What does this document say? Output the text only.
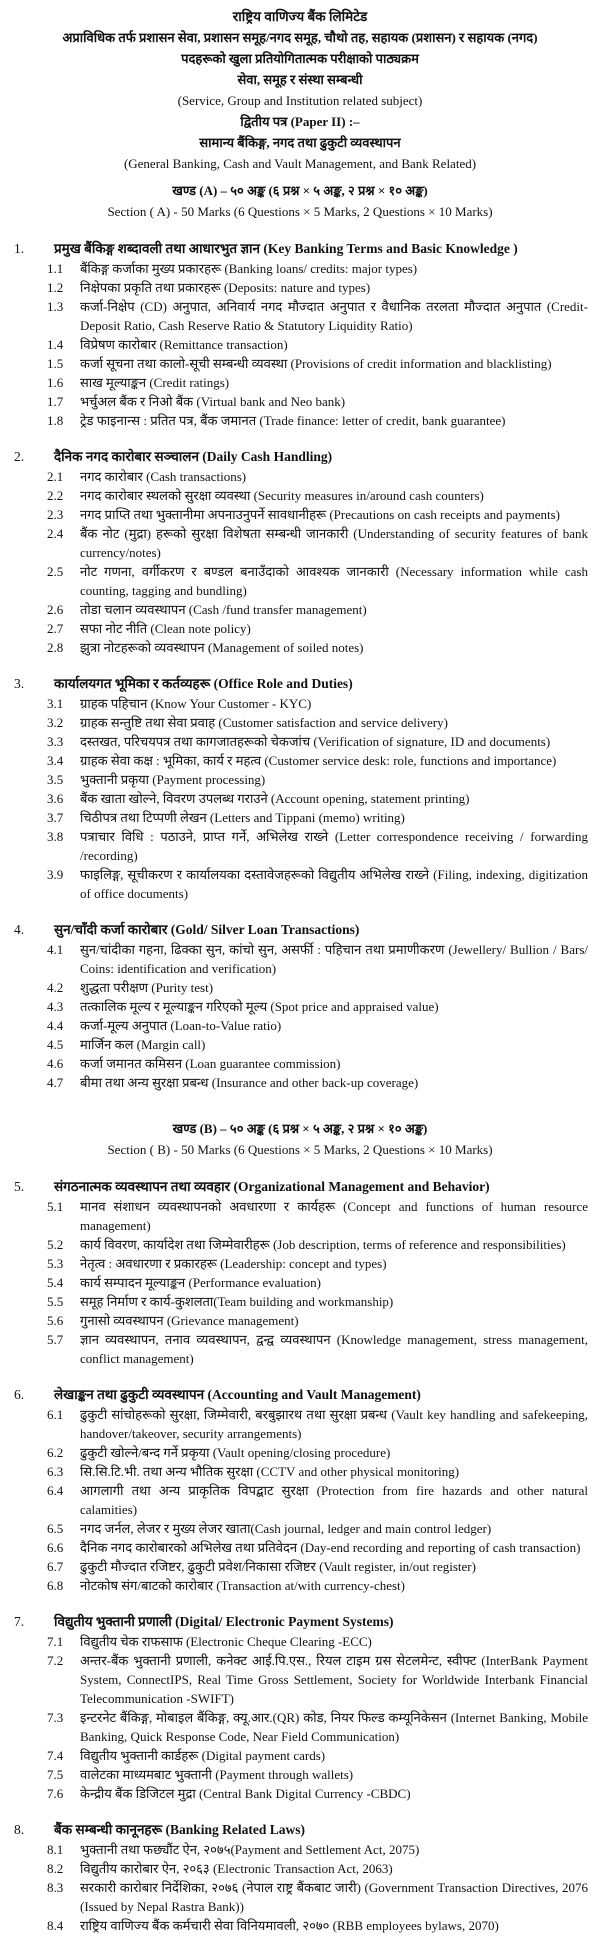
राष्ट्रिय वाणिज्य बैंक लिमिटेड
अप्राविधिक तर्फ प्रशासन सेवा, प्रशासन समूह/नगद समूह, चौथो तह, सहायक (प्रशासन) र सहायक (नगद)
पदहरूको खुला प्रतियोगितात्मक परीक्षाको पाठ्यक्रम
सेवा, समूह र संस्था सम्बन्धी
(Service, Group and Institution related subject)
द्वितीय पत्र (Paper II) :–
सामान्य बैंकिङ्ग, नगद तथा ढुकुटी व्यवस्थापन
(General Banking, Cash and Vault Management, and Bank Related)
खण्ड (A) – ५० अङ्क (६ प्रश्न × ५ अङ्क, २ प्रश्न × १० अङ्क)
Section ( A) - 50 Marks (6 Questions × 5 Marks, 2 Questions × 10 Marks)
1. प्रमुख बैंकिङ्ग शब्दावली तथा आधारभुत ज्ञान (Key Banking Terms and Basic Knowledge )
1.1 बैंकिङ्ग कर्जाका मुख्य प्रकारहरू (Banking loans/ credits: major types)
1.2 निक्षेपका प्रकृति तथा प्रकारहरू (Deposits: nature and types)
1.3 कर्जा-निक्षेप (CD) अनुपात, अनिवार्य नगद मौज्दात अनुपात र वैधानिक तरलता मौज्दात अनुपात (Credit-Deposit Ratio, Cash Reserve Ratio & Statutory Liquidity Ratio)
1.4 विप्रेषण कारोबार (Remittance transaction)
1.5 कर्जा सूचना तथा कालो-सूची सम्बन्धी व्यवस्था (Provisions of credit information and blacklisting)
1.6 साख मूल्याङ्कन (Credit ratings)
1.7 भर्चुअल बैंक र निओ बैंक (Virtual bank and Neo bank)
1.8 ट्रेड फाइनान्स : प्रतित पत्र, बैंक जमानत (Trade finance: letter of credit, bank guarantee)
2. दैनिक नगद कारोबार सञ्चालन (Daily Cash Handling)
2.1 नगद कारोबार (Cash transactions)
2.2 नगद कारोबार स्थलको सुरक्षा व्यवस्था (Security measures in/around cash counters)
2.3 नगद प्राप्ति तथा भुक्तानीमा अपनाउनुपर्ने सावधानीहरू (Precautions on cash receipts and payments)
2.4 बैंक नोट (मुद्रा) हरूको सुरक्षा विशेषता सम्बन्धी जानकारी (Understanding of security features of bank currency/notes)
2.5 नोट गणना, वर्गीकरण र बण्डल बनाउँदाको आवश्यक जानकारी (Necessary information while cash counting, tagging and bundling)
2.6 तोडा चलान व्यवस्थापन (Cash /fund transfer management)
2.7 सफा नोट नीति (Clean note policy)
2.8 झुत्रा नोटहरूको व्यवस्थापन (Management of soiled notes)
3. कार्यालयगत भूमिका र कर्तव्यहरू (Office Role and Duties)
3.1 ग्राहक पहिचान (Know Your Customer - KYC)
3.2 ग्राहक सन्तुष्टि तथा सेवा प्रवाह (Customer satisfaction and service delivery)
3.3 दस्तखत, परिचयपत्र तथा कागजातहरूको चेकजांच (Verification of signature, ID and documents)
3.4 ग्राहक सेवा कक्ष : भूमिका, कार्य र महत्व (Customer service desk: role, functions and importance)
3.5 भुक्तानी प्रकृया (Payment processing)
3.6 बैंक खाता खोल्ने, विवरण उपलब्ध गराउने (Account opening, statement printing)
3.7 चिठीपत्र तथा टिप्पणी लेखन (Letters and Tippani (memo) writing)
3.8 पत्राचार विधि : पठाउने, प्राप्त गर्ने, अभिलेख राख्ने (Letter correspondence receiving / forwarding /recording)
3.9 फाइलिङ्ग, सूचीकरण र कार्यालयका दस्तावेजहरूको विद्युतीय अभिलेख राख्ने (Filing, indexing, digitization of office documents)
4. सुन/चाँदी कर्जा कारोबार (Gold/ Silver Loan Transactions)
4.1 सुन/चांदीका गहना, ढिक्का सुन, कांचो सुन, असर्फी : पहिचान तथा प्रमाणीकरण (Jewellery/ Bullion / Bars/ Coins: identification and verification)
4.2 शुद्धता परीक्षण (Purity test)
4.3 तत्कालिक मूल्य र मूल्याङ्कन गरिएको मूल्य (Spot price and appraised value)
4.4 कर्जा-मूल्य अनुपात (Loan-to-Value ratio)
4.5 मार्जिन कल (Margin call)
4.6 कर्जा जमानत कमिसन (Loan guarantee commission)
4.7 बीमा तथा अन्य सुरक्षा प्रबन्ध (Insurance and other back-up coverage)
खण्ड (B) – ५० अङ्क (६ प्रश्न × ५ अङ्क, २ प्रश्न × १० अङ्क)
Section ( B) - 50 Marks (6 Questions × 5 Marks, 2 Questions × 10 Marks)
5. संगठनात्मक व्यवस्थापन तथा व्यवहार (Organizational Management and Behavior)
5.1 मानव संशाधन व्यवस्थापनको अवधारणा र कार्यहरू (Concept and functions of human resource management)
5.2 कार्य विवरण, कार्यादेश तथा जिम्मेवारीहरू (Job description, terms of reference and responsibilities)
5.3 नेतृत्व : अवधारणा र प्रकारहरू (Leadership: concept and types)
5.4 कार्य सम्पादन मूल्याङ्कन (Performance evaluation)
5.5 समूह निर्माण र कार्य-कुशलता(Team building and workmanship)
5.6 गुनासो व्यवस्थापन (Grievance management)
5.7 ज्ञान व्यवस्थापन, तनाव व्यवस्थापन, द्वन्द्व व्यवस्थापन (Knowledge management, stress management, conflict management)
6. लेखाङ्कन तथा ढुकुटी व्यवस्थापन (Accounting and Vault Management)
6.1 ढुकुटी सांचोहरूको सुरक्षा, जिम्मेवारी, बरबुझारथ तथा सुरक्षा प्रबन्ध (Vault key handling and safekeeping, handover/takeover, security arrangements)
6.2 ढुकुटी खोल्ने/बन्द गर्ने प्रकृया (Vault opening/closing procedure)
6.3 सि.सि.टि.भी. तथा अन्य भौतिक सुरक्षा (CCTV and other physical monitoring)
6.4 आगलागी तथा अन्य प्राकृतिक विपद्बाट सुरक्षा (Protection from fire hazards and other natural calamities)
6.5 नगद जर्नल, लेजर र मुख्य लेजर खाता(Cash journal, ledger and main control ledger)
6.6 दैनिक नगद कारोबारको अभिलेख तथा प्रतिवेदन (Day-end recording and reporting of cash transaction)
6.7 ढुकुटी मौज्दात रजिष्टर, ढुकुटी प्रवेश/निकासा रजिष्टर (Vault register, in/out register)
6.8 नोटकोष संग/बाटको कारोबार (Transaction at/with currency-chest)
7. विद्युतीय भुक्तानी प्रणाली (Digital/ Electronic Payment Systems)
7.1 विद्युतीय चेक राफसाफ (Electronic Cheque Clearing -ECC)
7.2 अन्तर-बैंक भुक्तानी प्रणाली, कनेक्ट आई.पि.एस., रियल टाइम ग्रस सेटलमेन्ट, स्वीफ्ट (InterBank Payment System, ConnectIPS, Real Time Gross Settlement, Society for Worldwide Interbank Financial Telecommunication -SWIFT)
7.3 इन्टरनेट बैंकिङ्ग, मोबाइल बैंकिङ्ग, क्यू.आर.(QR) कोड, नियर फिल्ड कम्यूनिकेसन (Internet Banking, Mobile Banking, Quick Response Code, Near Field Communication)
7.4 विद्युतीय भुक्तानी कार्डहरू (Digital payment cards)
7.5 वालेटका माध्यमबाट भुक्तानी (Payment through wallets)
7.6 केन्द्रीय बैंक डिजिटल मुद्रा (Central Bank Digital Currency -CBDC)
8. बैंक सम्बन्धी कानूनहरू (Banking Related Laws)
8.1 भुक्तानी तथा फछ्यौंट ऐन, २०७५(Payment and Settlement Act, 2075)
8.2 विद्युतीय कारोबार ऐन, २०६३ (Electronic Transaction Act, 2063)
8.3 सरकारी कारोबार निर्देशिका, २०७६ (नेपाल राष्ट्र बैंकबाट जारी) (Government Transaction Directives, 2076 (Issued by Nepal Rastra Bank))
8.4 राष्ट्रिय वाणिज्य बैंक कर्मचारी सेवा विनियमावली, २०७० (RBB employees bylaws, 2070)
